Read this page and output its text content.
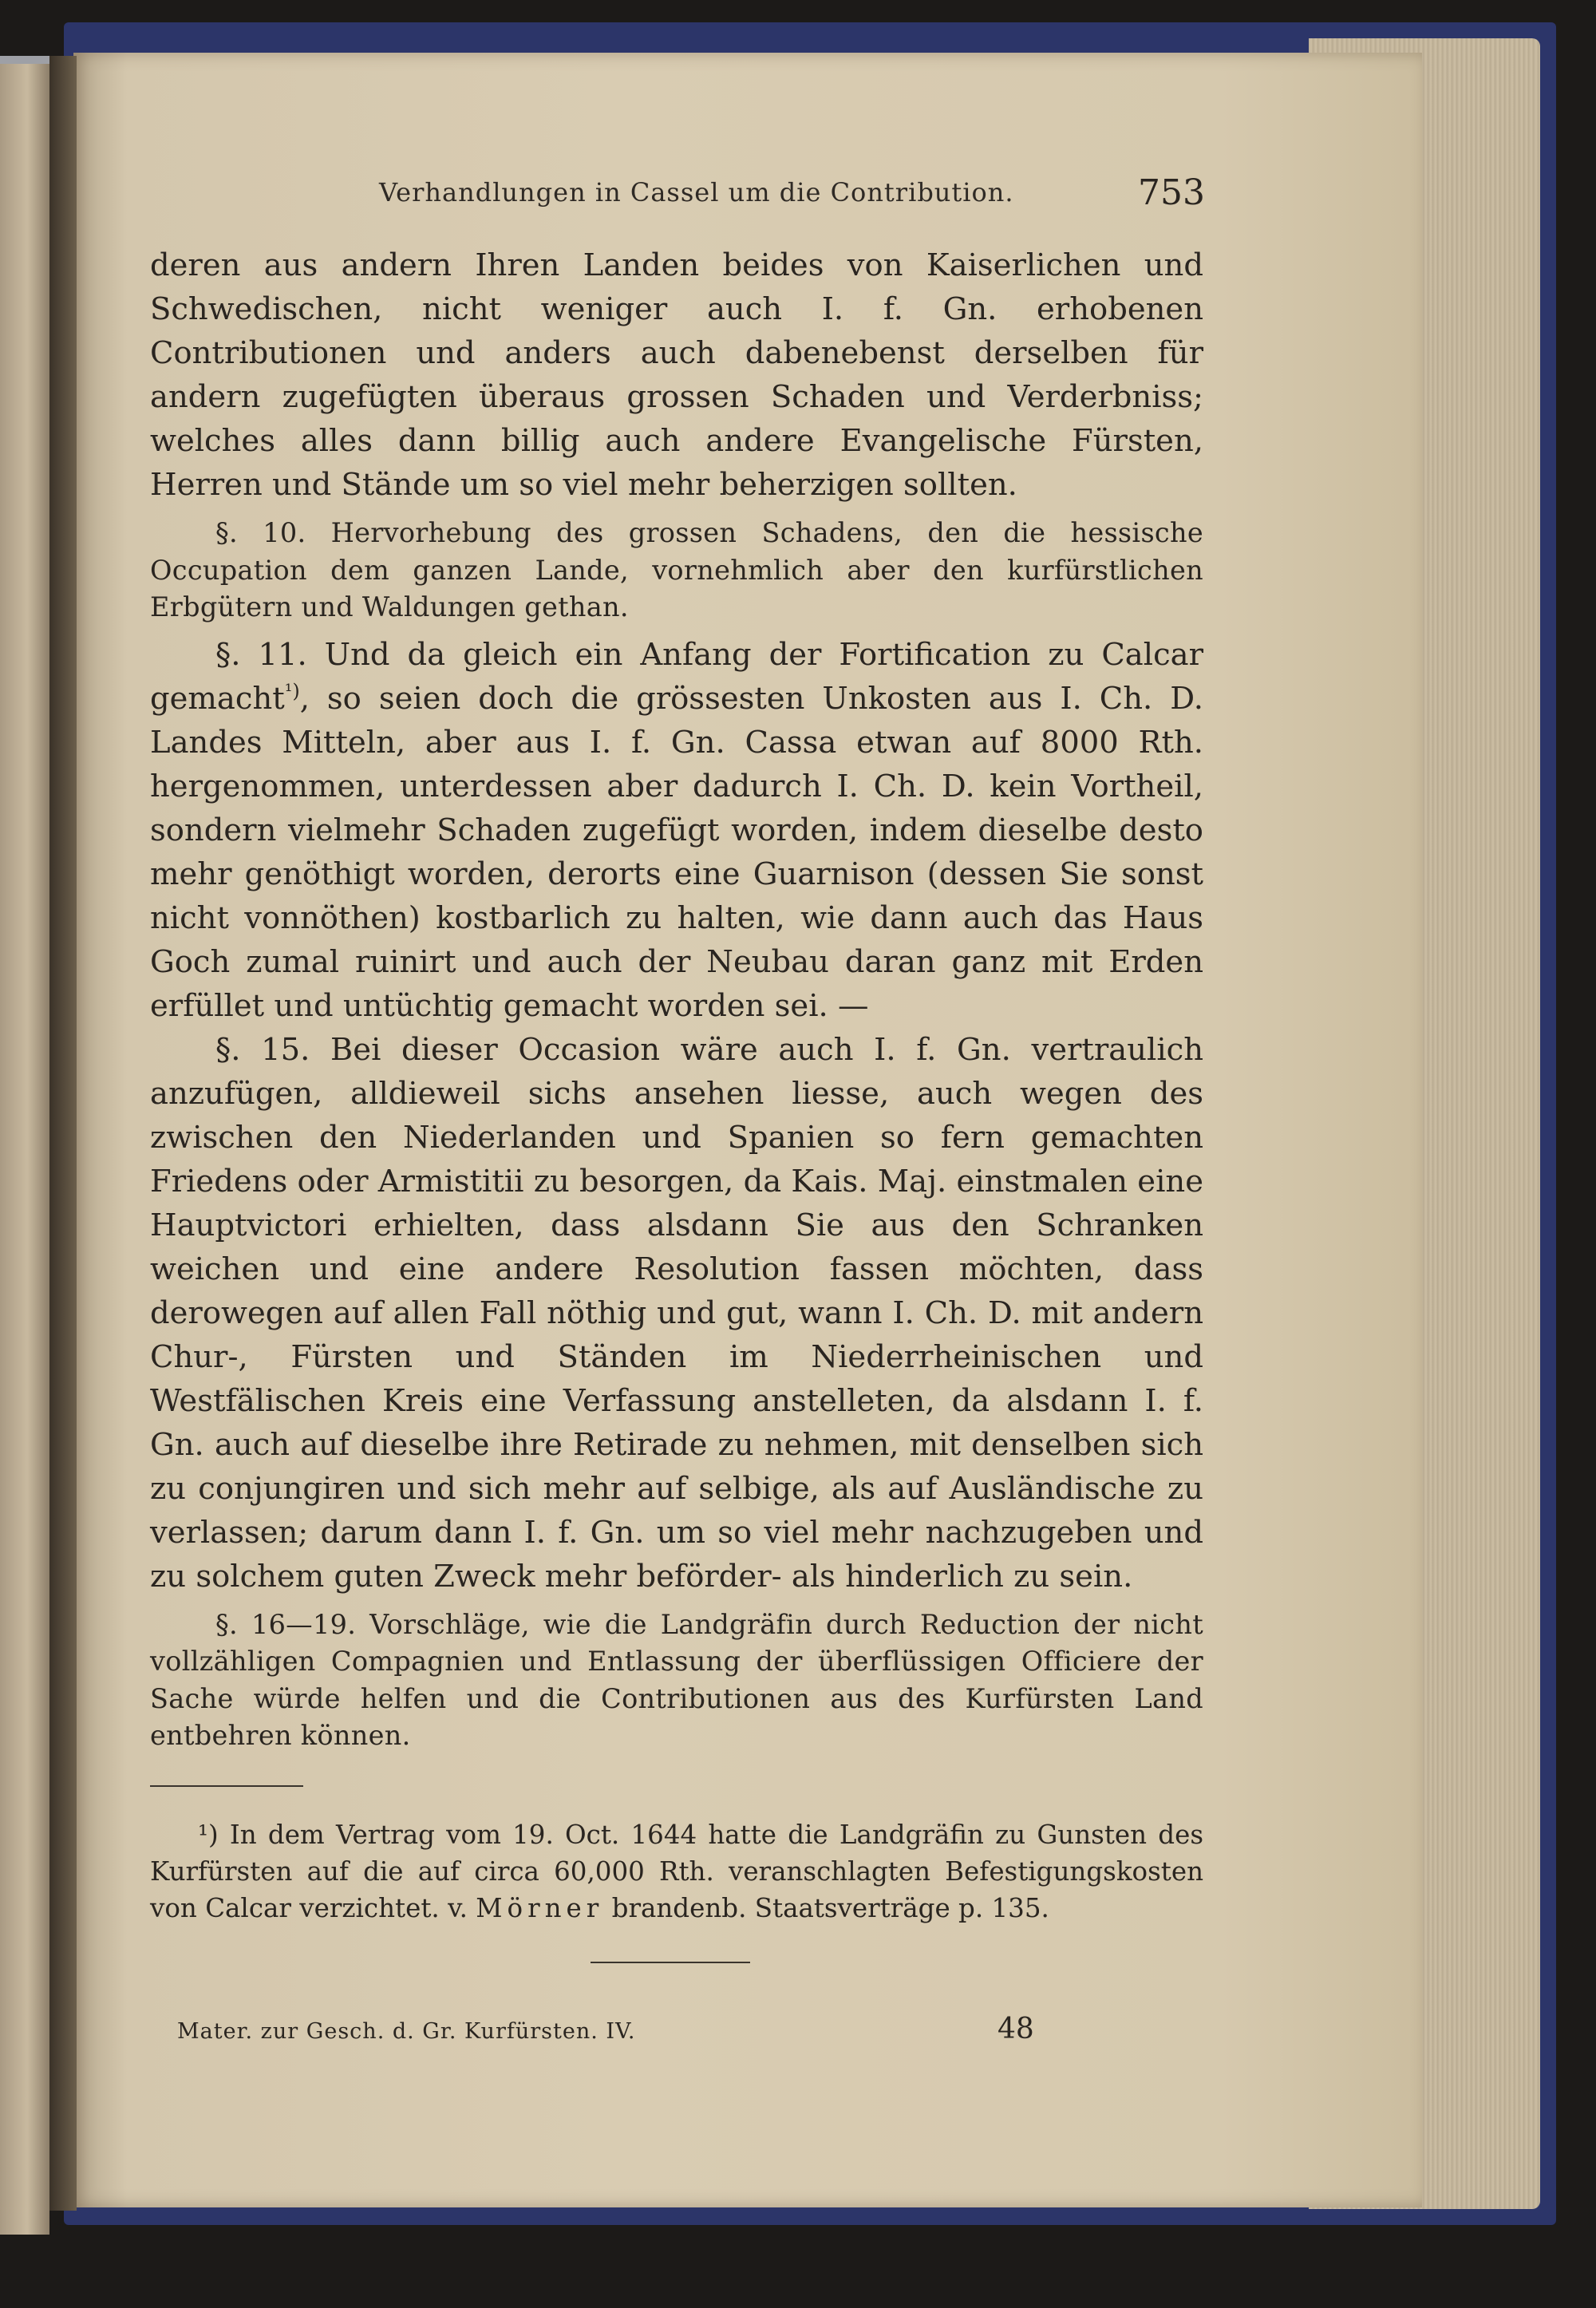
Verhandlungen in Cassel um die Contribution.	753

deren aus andern Ihren Landen beides von Kaiserlichen und Schwedischen, nicht weniger auch I. f. Gn. erhobenen Contributionen und anders auch dabenebenst derselben für andern zugefügten überaus grossen Schaden und Verderbniss; welches alles dann billig auch andere Evangelische Fürsten, Herren und Stände um so viel mehr beherzigen sollten.

§. 10. Hervorhebung des grossen Schadens, den die hessische Occupation dem ganzen Lande, vornehmlich aber den kurfürstlichen Erbgütern und Waldungen gethan.

§. 11. Und da gleich ein Anfang der Fortification zu Calcar gemacht$^{^1)}$, so seien doch die grössesten Unkosten aus I. Ch. D. Landes Mitteln, aber aus I. f. Gn. Cassa etwan auf 8000 Rth. hergenommen, unterdessen aber dadurch I. Ch. D. kein Vortheil, sondern vielmehr Schaden zugefügt worden, indem dieselbe desto mehr genöthigt worden, derorts eine Guarnison (dessen Sie sonst nicht vonnöthen) kostbarlich zu halten, wie dann auch das Haus Goch zumal ruinirt und auch der Neubau daran ganz mit Erden erfüllet und untüchtig gemacht worden sei. —

§. 15. Bei dieser Occasion wäre auch I. f. Gn. vertraulich anzufügen, alldieweil sichs ansehen liesse, auch wegen des zwischen den Niederlanden und Spanien so fern gemachten Friedens oder Armistitii zu besorgen, da Kais. Maj. einstmalen eine Hauptvictori erhielten, dass alsdann Sie aus den Schranken weichen und eine andere Resolution fassen möchten, dass derowegen auf allen Fall nöthig und gut, wann I. Ch. D. mit andern Chur-, Fürsten und Ständen im Niederrheinischen und Westfälischen Kreis eine Verfassung anstelleten, da alsdann I. f. Gn. auch auf dieselbe ihre Retirade zu nehmen, mit denselben sich zu conjungiren und sich mehr auf selbige, als auf Ausländische zu verlassen; darum dann I. f. Gn. um so viel mehr nachzugeben und zu solchem guten Zweck mehr beförder- als hinderlich zu sein.

§. 16—19. Vorschläge, wie die Landgräfin durch Reduction der nicht vollzähligen Compagnien und Entlassung der überflüssigen Officiere der Sache würde helfen und die Contributionen aus des Kurfürsten Land entbehren können.

¹) In dem Vertrag vom 19. Oct. 1644 hatte die Landgräfin zu Gunsten des Kurfürsten auf die auf circa 60,000 Rth. veranschlagten Befestigungskosten von Calcar verzichtet. v. Mörner brandenb. Staatsverträge p. 135.
Mater. zur Gesch. d. Gr. Kurfürsten. IV.	48
